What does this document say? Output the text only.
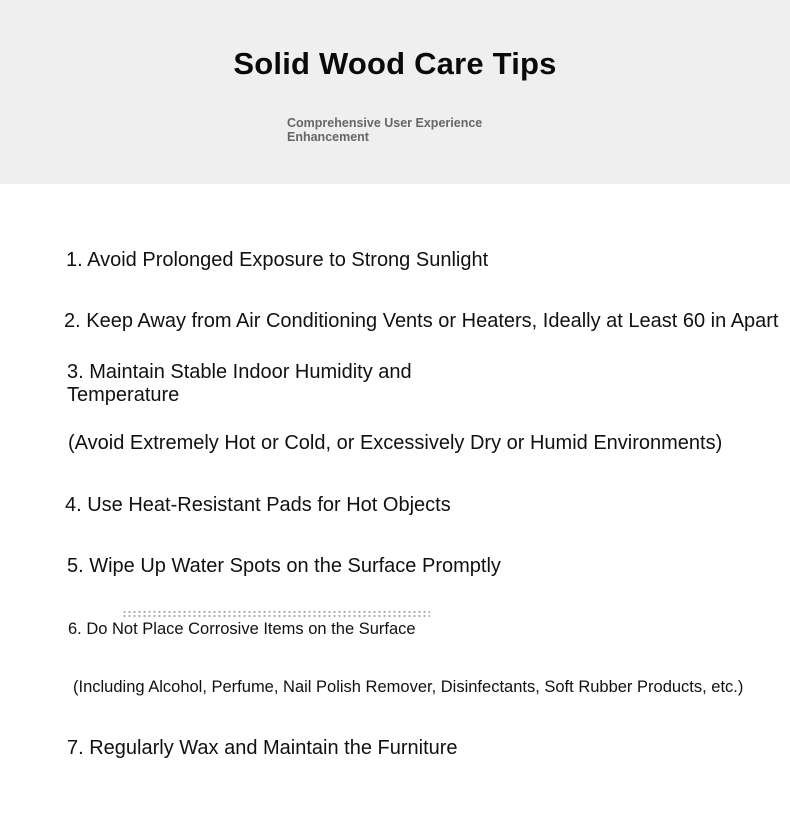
Solid Wood Care Tips
Comprehensive User Experience Enhancement
1. Avoid Prolonged Exposure to Strong Sunlight
2. Keep Away from Air Conditioning Vents or Heaters, Ideally at Least 60 in Apart
3. Maintain Stable Indoor Humidity and Temperature
(Avoid Extremely Hot or Cold, or Excessively Dry or Humid Environments)
4. Use Heat-Resistant Pads for Hot Objects
5. Wipe Up Water Spots on the Surface Promptly
6. Do Not Place Corrosive Items on the Surface
(Including Alcohol, Perfume, Nail Polish Remover, Disinfectants, Soft Rubber Products, etc.)
7. Regularly Wax and Maintain the Furniture
